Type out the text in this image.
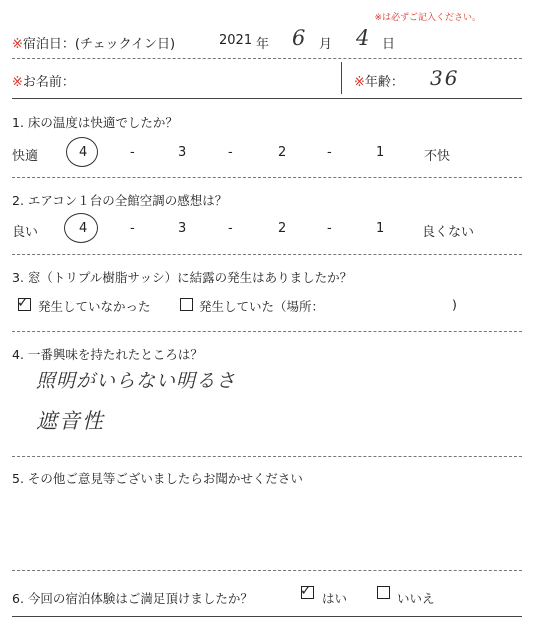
※は必ずご記入ください。
※宿泊日：(チェックイン日)	2021 年 6 月 4 日
※お名前：	※年齢： 36
1. 床の温度は快適でしたか？
快適	4	-	3	-	2	-	1	不快
2. エアコン１台の全館空調の感想は？
良い	4	-	3	-	2	-	1	良くない
3. 窓（トリプル樹脂サッシ）に結露の発生はありましたか？
✓ 発生していなかった	発生していた（場所：	)
4. 一番興味を持たれたところは？
照明がいらない明るさ
遮音性
5. その他ご意見等ございましたらお聞かせください
6. 今回の宿泊体験はご満足頂けましたか？	✓ はい	いいえ
